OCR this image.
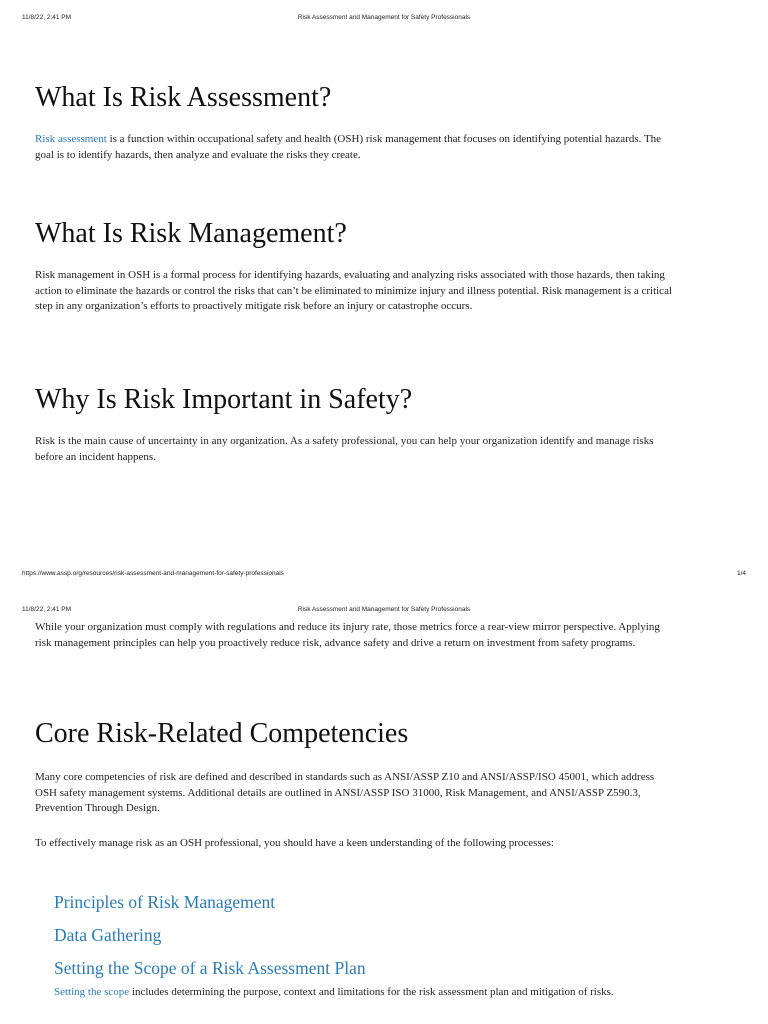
11/8/22, 2:41 PM	Risk Assessment and Management for Safety Professionals
What Is Risk Assessment?

Risk assessment is a function within occupational safety and health (OSH) risk management that focuses on identifying potential hazards. The goal is to identify hazards, then analyze and evaluate the risks they create.

What Is Risk Management?

Risk management in OSH is a formal process for identifying hazards, evaluating and analyzing risks associated with those hazards, then taking action to eliminate the hazards or control the risks that can’t be eliminated to minimize injury and illness potential. Risk management is a critical step in any organization’s efforts to proactively mitigate risk before an injury or catastrophe occurs.

Why Is Risk Important in Safety?

Risk is the main cause of uncertainty in any organization. As a safety professional, you can help your organization identify and manage risks before an incident happens.

https://www.assp.org/resources/risk-assessment-and-management-for-safety-professionals	1/4
11/8/22, 2:41 PM	Risk Assessment and Management for Safety Professionals

While your organization must comply with regulations and reduce its injury rate, those metrics force a rear-view mirror perspective. Applying risk management principles can help you proactively reduce risk, advance safety and drive a return on investment from safety programs.

Core Risk-Related Competencies

Many core competencies of risk are defined and described in standards such as ANSI/ASSP Z10 and ANSI/ASSP/ISO 45001, which address OSH safety management systems. Additional details are outlined in ANSI/ASSP ISO 31000, Risk Management, and ANSI/ASSP Z590.3, Prevention Through Design.

To effectively manage risk as an OSH professional, you should have a keen understanding of the following processes:

Principles of Risk Management
Data Gathering
Setting the Scope of a Risk Assessment Plan

Setting the scope includes determining the purpose, context and limitations for the risk assessment plan and mitigation of risks.
